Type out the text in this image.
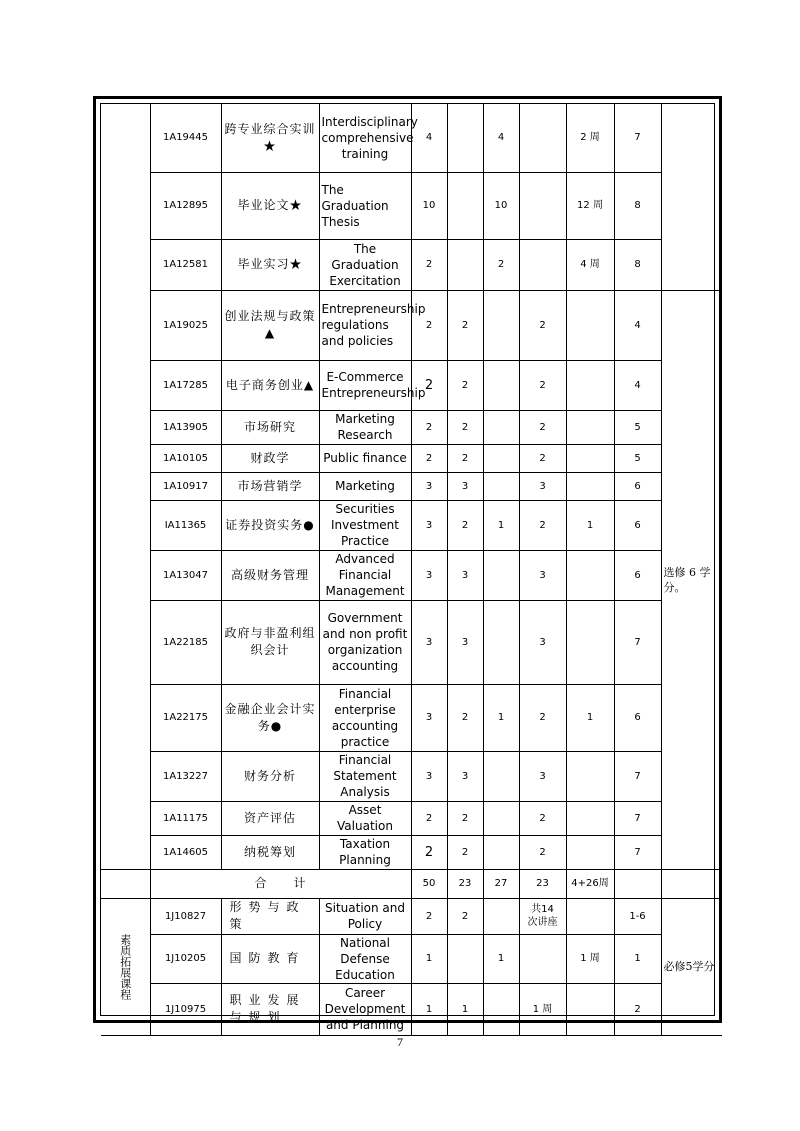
	1A19445	跨专业综合实训★	Interdisciplinary comprehensive training	4		4		2 周	7	
	1A12895	毕业论文★	The Graduation Thesis	10		10		12 周	8	
	1A12581	毕业实习★	The Graduation Exercitation	2		2		4 周	8	
	1A19025	创业法规与政策▲	Entrepreneurship regulations and policies	2	2		2		4	选修 6 学分。
	1A17285	电子商务创业▲	E-Commerce Entrepreneurship	2	2		2		4	
	1A13905	市场研究	Marketing Research	2	2		2		5	
	1A10105	财政学	Public finance	2	2		2		5	
	1A10917	市场营销学	Marketing	3	3		3		6	
	IA11365	证券投资实务●	Securities Investment Practice	3	2	1	2	1	6	
	1A13047	高级财务管理	Advanced Financial Management	3	3		3		6	
	1A22185	政府与非盈利组织会计	Government and non profit organization accounting	3	3		3		7	
	1A22175	金融企业会计实务●	Financial enterprise accounting practice	3	2	1	2	1	6	
	1A13227	财务分析	Financial Statement Analysis	3	3		3		7	
	1A11175	资产评估	Asset Valuation	2	2		2		7	
	1A14605	纳税筹划	Taxation Planning	2	2		2		7	
	合　　计			50	23	27	23	4+26周		

素质拓展课程	1J10827	形势与政策	Situation and Policy	2	2		共14次讲座		1-6	必修5学分
	1J10205	国防教育	National Defense Education	1		1		1 周	1	
	1J10975	职业发展与规划	Career Development and Planning	1	1		1 周		2	
7
